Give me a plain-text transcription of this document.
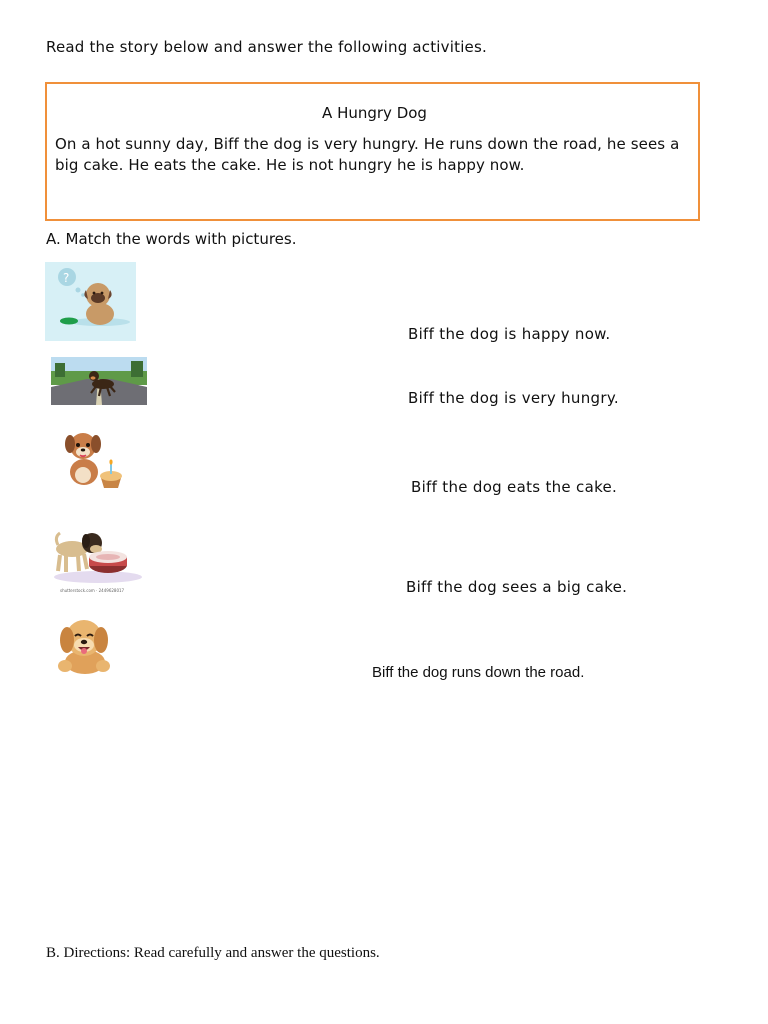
Read the story below and answer the following activities.
A Hungry Dog
On a hot sunny day, Biff the dog is very hungry. He runs down the road, he sees a big cake. He eats the cake. He is not hungry he is happy now.
A. Match the words with pictures.
?
shutterstock.com · 2449628017
Biff the dog is happy now.
Biff the dog is very hungry.
Biff the dog eats the cake.
Biff the dog sees a big cake.
Biff the dog runs down the road.
B. Directions: Read carefully and answer the questions.
